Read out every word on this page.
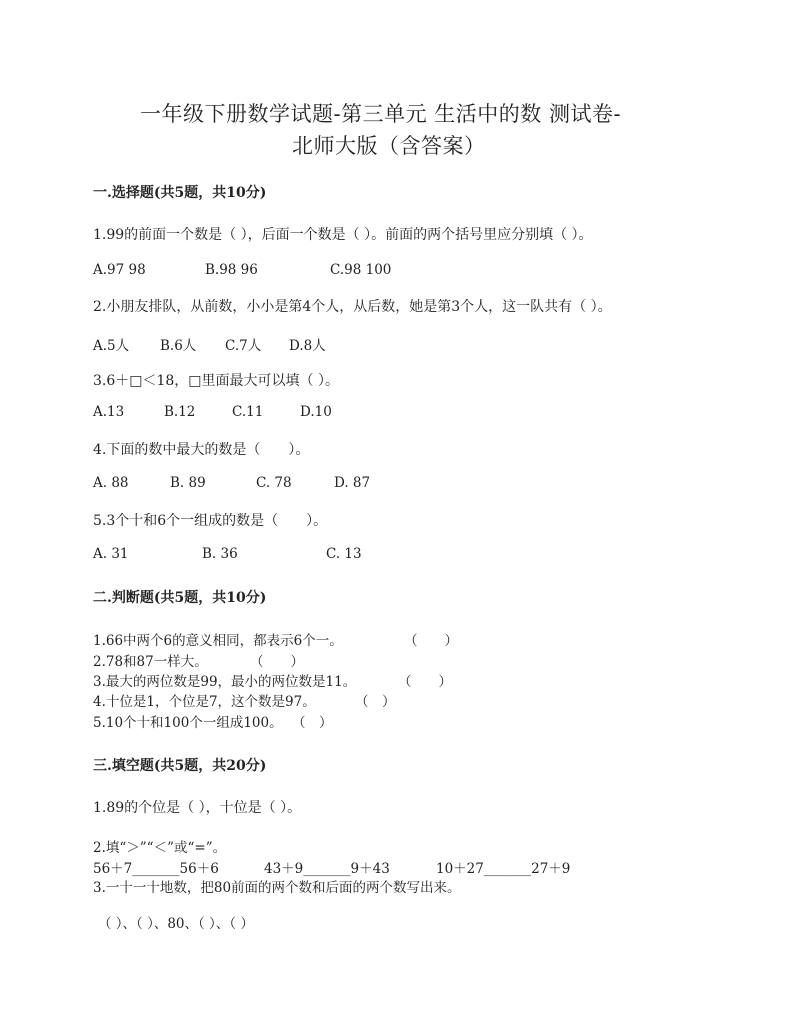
一年级下册数学试题-第三单元 生活中的数 测试卷-
北师大版（含答案）
一.选择题(共5题，共10分)
1.99的前面一个数是（ ），后面一个数是（ ）。前面的两个括号里应分别填（ ）。
A.97 98	B.98 96	C.98 100
2.小朋友排队，从前数，小小是第4个人，从后数，她是第3个人，这一队共有（ ）。
A.5人 B.6人 C.7人 D.8人
3.6＋□＜18，□里面最大可以填（ ）。
A.13	B.12	C.11	D.10
4.下面的数中最大的数是（　　）。
A. 88	B. 89	C. 78	D. 87
5.3个十和6个一组成的数是（　　）。
A. 31	B. 36	C. 13
二.判断题(共5题，共10分)
1.66中两个6的意义相同，都表示6个一。	（　　）
2.78和87一样大。	（　　）
3.最大的两位数是99，最小的两位数是11。	（　　）
4.十位是1，个位是7，这个数是97。	（　）
5.10个十和100个一组成100。 （　）
三.填空题(共5题，共20分)
1.89的个位是（ ），十位是（ ）。
2.填“＞”“＜”或“=”。
56＋7_______56＋6	43＋9_______9＋43	10＋27_______27＋9
3.一十一十地数，把80前面的两个数和后面的两个数写出来。
（ ）、（ ）、80、（ ）、（ ）
